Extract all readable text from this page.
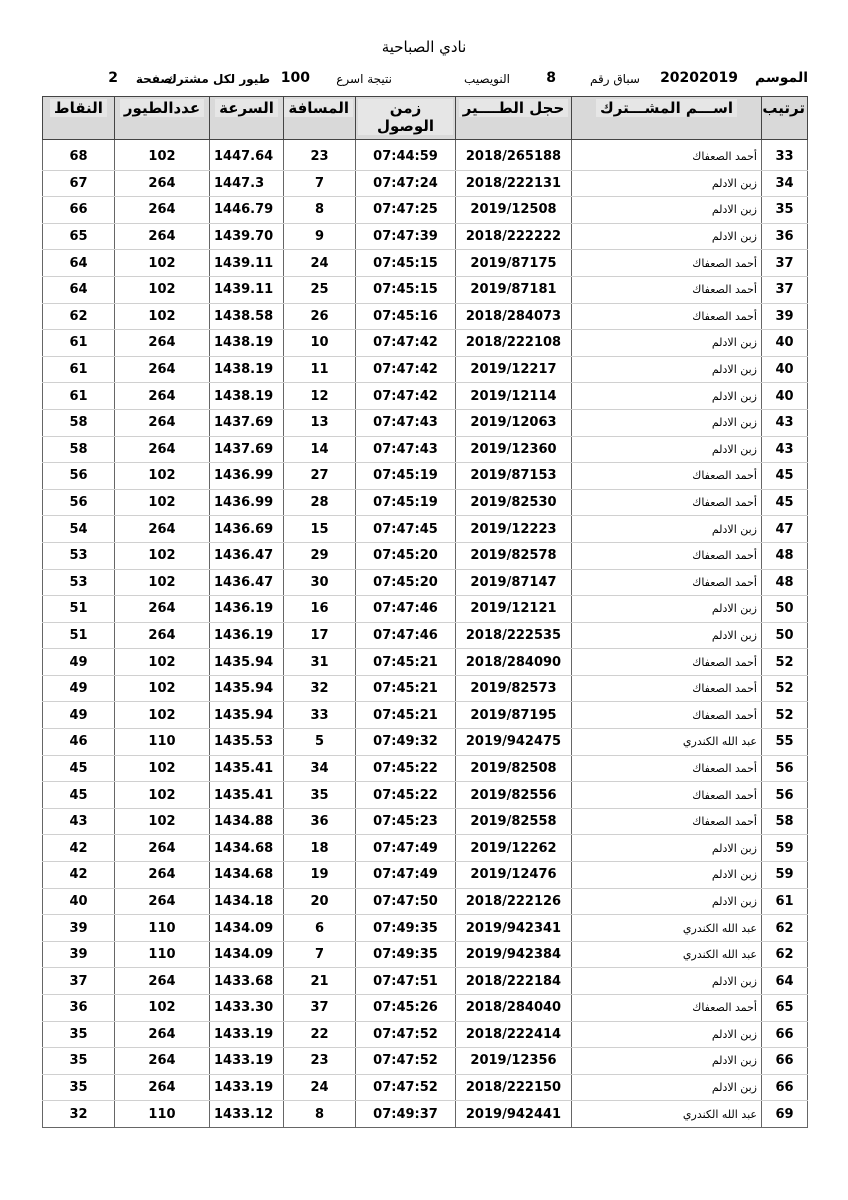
نادي الصباحية
الموسم
20202019
سباق رقم
8
النويصيب
نتيجة اسرع
100
طيور لكل مشترك
صفحة
2
ترتيب	اســـم المشـــترك	حجل الطــــير	زمن الوصول	المسافة	السرعة	عددالطيور	النقاط

33	أحمد الصعفاك	2018/265188	07:44:59	23	1447.64	102	68
34	زبن الادلم	2018/222131	07:47:24	7	1447.3	264	67
35	زبن الادلم	2019/12508	07:47:25	8	1446.79	264	66
36	زبن الادلم	2018/222222	07:47:39	9	1439.70	264	65
37	أحمد الصعفاك	2019/87175	07:45:15	24	1439.11	102	64
37	أحمد الصعفاك	2019/87181	07:45:15	25	1439.11	102	64
39	أحمد الصعفاك	2018/284073	07:45:16	26	1438.58	102	62
40	زبن الادلم	2018/222108	07:47:42	10	1438.19	264	61
40	زبن الادلم	2019/12217	07:47:42	11	1438.19	264	61
40	زبن الادلم	2019/12114	07:47:42	12	1438.19	264	61
43	زبن الادلم	2019/12063	07:47:43	13	1437.69	264	58
43	زبن الادلم	2019/12360	07:47:43	14	1437.69	264	58
45	أحمد الصعفاك	2019/87153	07:45:19	27	1436.99	102	56
45	أحمد الصعفاك	2019/82530	07:45:19	28	1436.99	102	56
47	زبن الادلم	2019/12223	07:47:45	15	1436.69	264	54
48	أحمد الصعفاك	2019/82578	07:45:20	29	1436.47	102	53
48	أحمد الصعفاك	2019/87147	07:45:20	30	1436.47	102	53
50	زبن الادلم	2019/12121	07:47:46	16	1436.19	264	51
50	زبن الادلم	2018/222535	07:47:46	17	1436.19	264	51
52	أحمد الصعفاك	2018/284090	07:45:21	31	1435.94	102	49
52	أحمد الصعفاك	2019/82573	07:45:21	32	1435.94	102	49
52	أحمد الصعفاك	2019/87195	07:45:21	33	1435.94	102	49
55	عبد الله الكندري	2019/942475	07:49:32	5	1435.53	110	46
56	أحمد الصعفاك	2019/82508	07:45:22	34	1435.41	102	45
56	أحمد الصعفاك	2019/82556	07:45:22	35	1435.41	102	45
58	أحمد الصعفاك	2019/82558	07:45:23	36	1434.88	102	43
59	زبن الادلم	2019/12262	07:47:49	18	1434.68	264	42
59	زبن الادلم	2019/12476	07:47:49	19	1434.68	264	42
61	زبن الادلم	2018/222126	07:47:50	20	1434.18	264	40
62	عبد الله الكندري	2019/942341	07:49:35	6	1434.09	110	39
62	عبد الله الكندري	2019/942384	07:49:35	7	1434.09	110	39
64	زبن الادلم	2018/222184	07:47:51	21	1433.68	264	37
65	أحمد الصعفاك	2018/284040	07:45:26	37	1433.30	102	36
66	زبن الادلم	2018/222414	07:47:52	22	1433.19	264	35
66	زبن الادلم	2019/12356	07:47:52	23	1433.19	264	35
66	زبن الادلم	2018/222150	07:47:52	24	1433.19	264	35
69	عبد الله الكندري	2019/942441	07:49:37	8	1433.12	110	32
